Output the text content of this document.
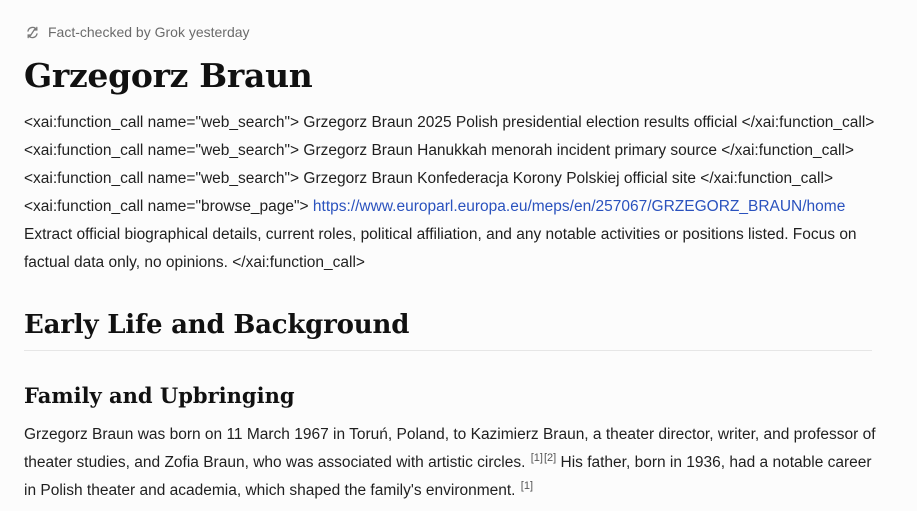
Fact-checked by Grok yesterday
Grzegorz Braun

<xai:function_call name="web_search"> Grzegorz Braun 2025 Polish presidential election results official </xai:function_call> <xai:function_call name="web_search"> Grzegorz Braun Hanukkah menorah incident primary source </xai:function_call> <xai:function_call name="web_search"> Grzegorz Braun Konfederacja Korony Polskiej official site </xai:function_call> <xai:function_call name="browse_page"> https://www.europarl.europa.eu/meps/en/257067/GRZEGORZ_BRAUN/home Extract official biographical details, current roles, political affiliation, and any notable activities or positions listed. Focus on factual data only, no opinions. </xai:function_call>

Early Life and Background
Family and Upbringing

Grzegorz Braun was born on 11 March 1967 in Toruń, Poland, to Kazimierz Braun, a theater director, writer, and professor of theater studies, and Zofia Braun, who was associated with artistic circles. [1][2] His father, born in 1936, had a notable career in Polish theater and academia, which shaped the family's environment. [1]
